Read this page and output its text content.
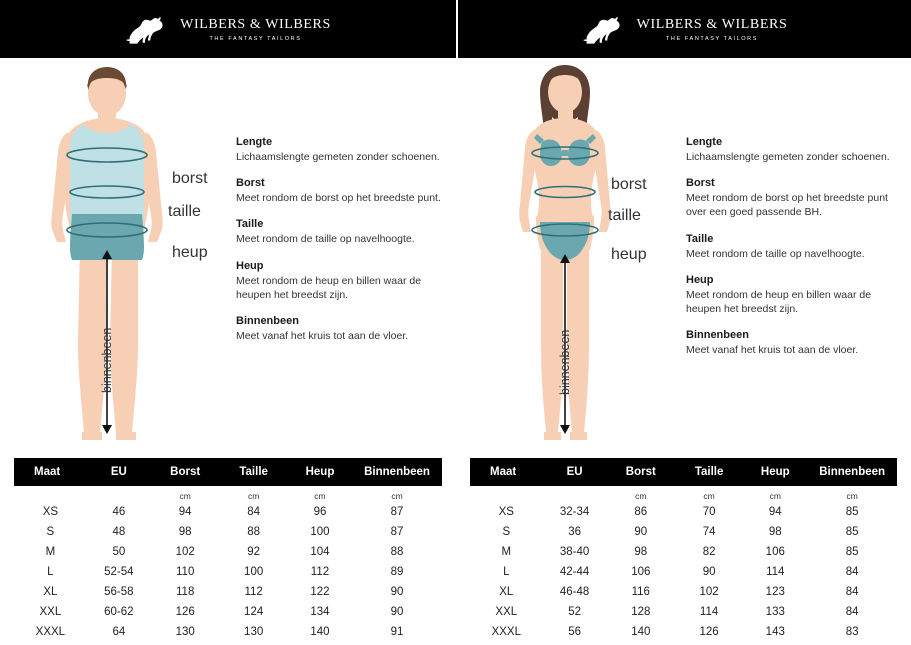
WILBERS & WILBERS
THE FANTASY TAILORS
WILBERS & WILBERS
THE FANTASY TAILORS
borst
taille
heup
binnenbeen
Lengte
Lichaamslengte gemeten zonder schoenen.
Borst
Meet rondom de borst op het breedste punt.
Taille
Meet rondom de taille op navelhoogte.
Heup
Meet rondom de heup en billen waar de heupen het breedst zijn.
Binnenbeen
Meet vanaf het kruis tot aan de vloer.
borst
taille
heup
binnenbeen
Lengte
Lichaamslengte gemeten zonder schoenen.
Borst
Meet rondom de borst op het breedste punt over een goed passende BH.
Taille
Meet rondom de taille op navelhoogte.
Heup
Meet rondom de heup en billen waar de heupen het breedst zijn.
Binnenbeen
Meet vanaf het kruis tot aan de vloer.
Maat	EU	Borst	Taille	Heup	Binnenbeen
		cm	cm	cm	cm
XS	46	94	84	96	87
S	48	98	88	100	87
M	50	102	92	104	88
L	52-54	110	100	112	89
XL	56-58	118	112	122	90
XXL	60-62	126	124	134	90
XXXL	64	130	130	140	91
Maat	EU	Borst	Taille	Heup	Binnenbeen
		cm	cm	cm	cm
XS	32-34	86	70	94	85
S	36	90	74	98	85
M	38-40	98	82	106	85
L	42-44	106	90	114	84
XL	46-48	116	102	123	84
XXL	52	128	114	133	84
XXXL	56	140	126	143	83
